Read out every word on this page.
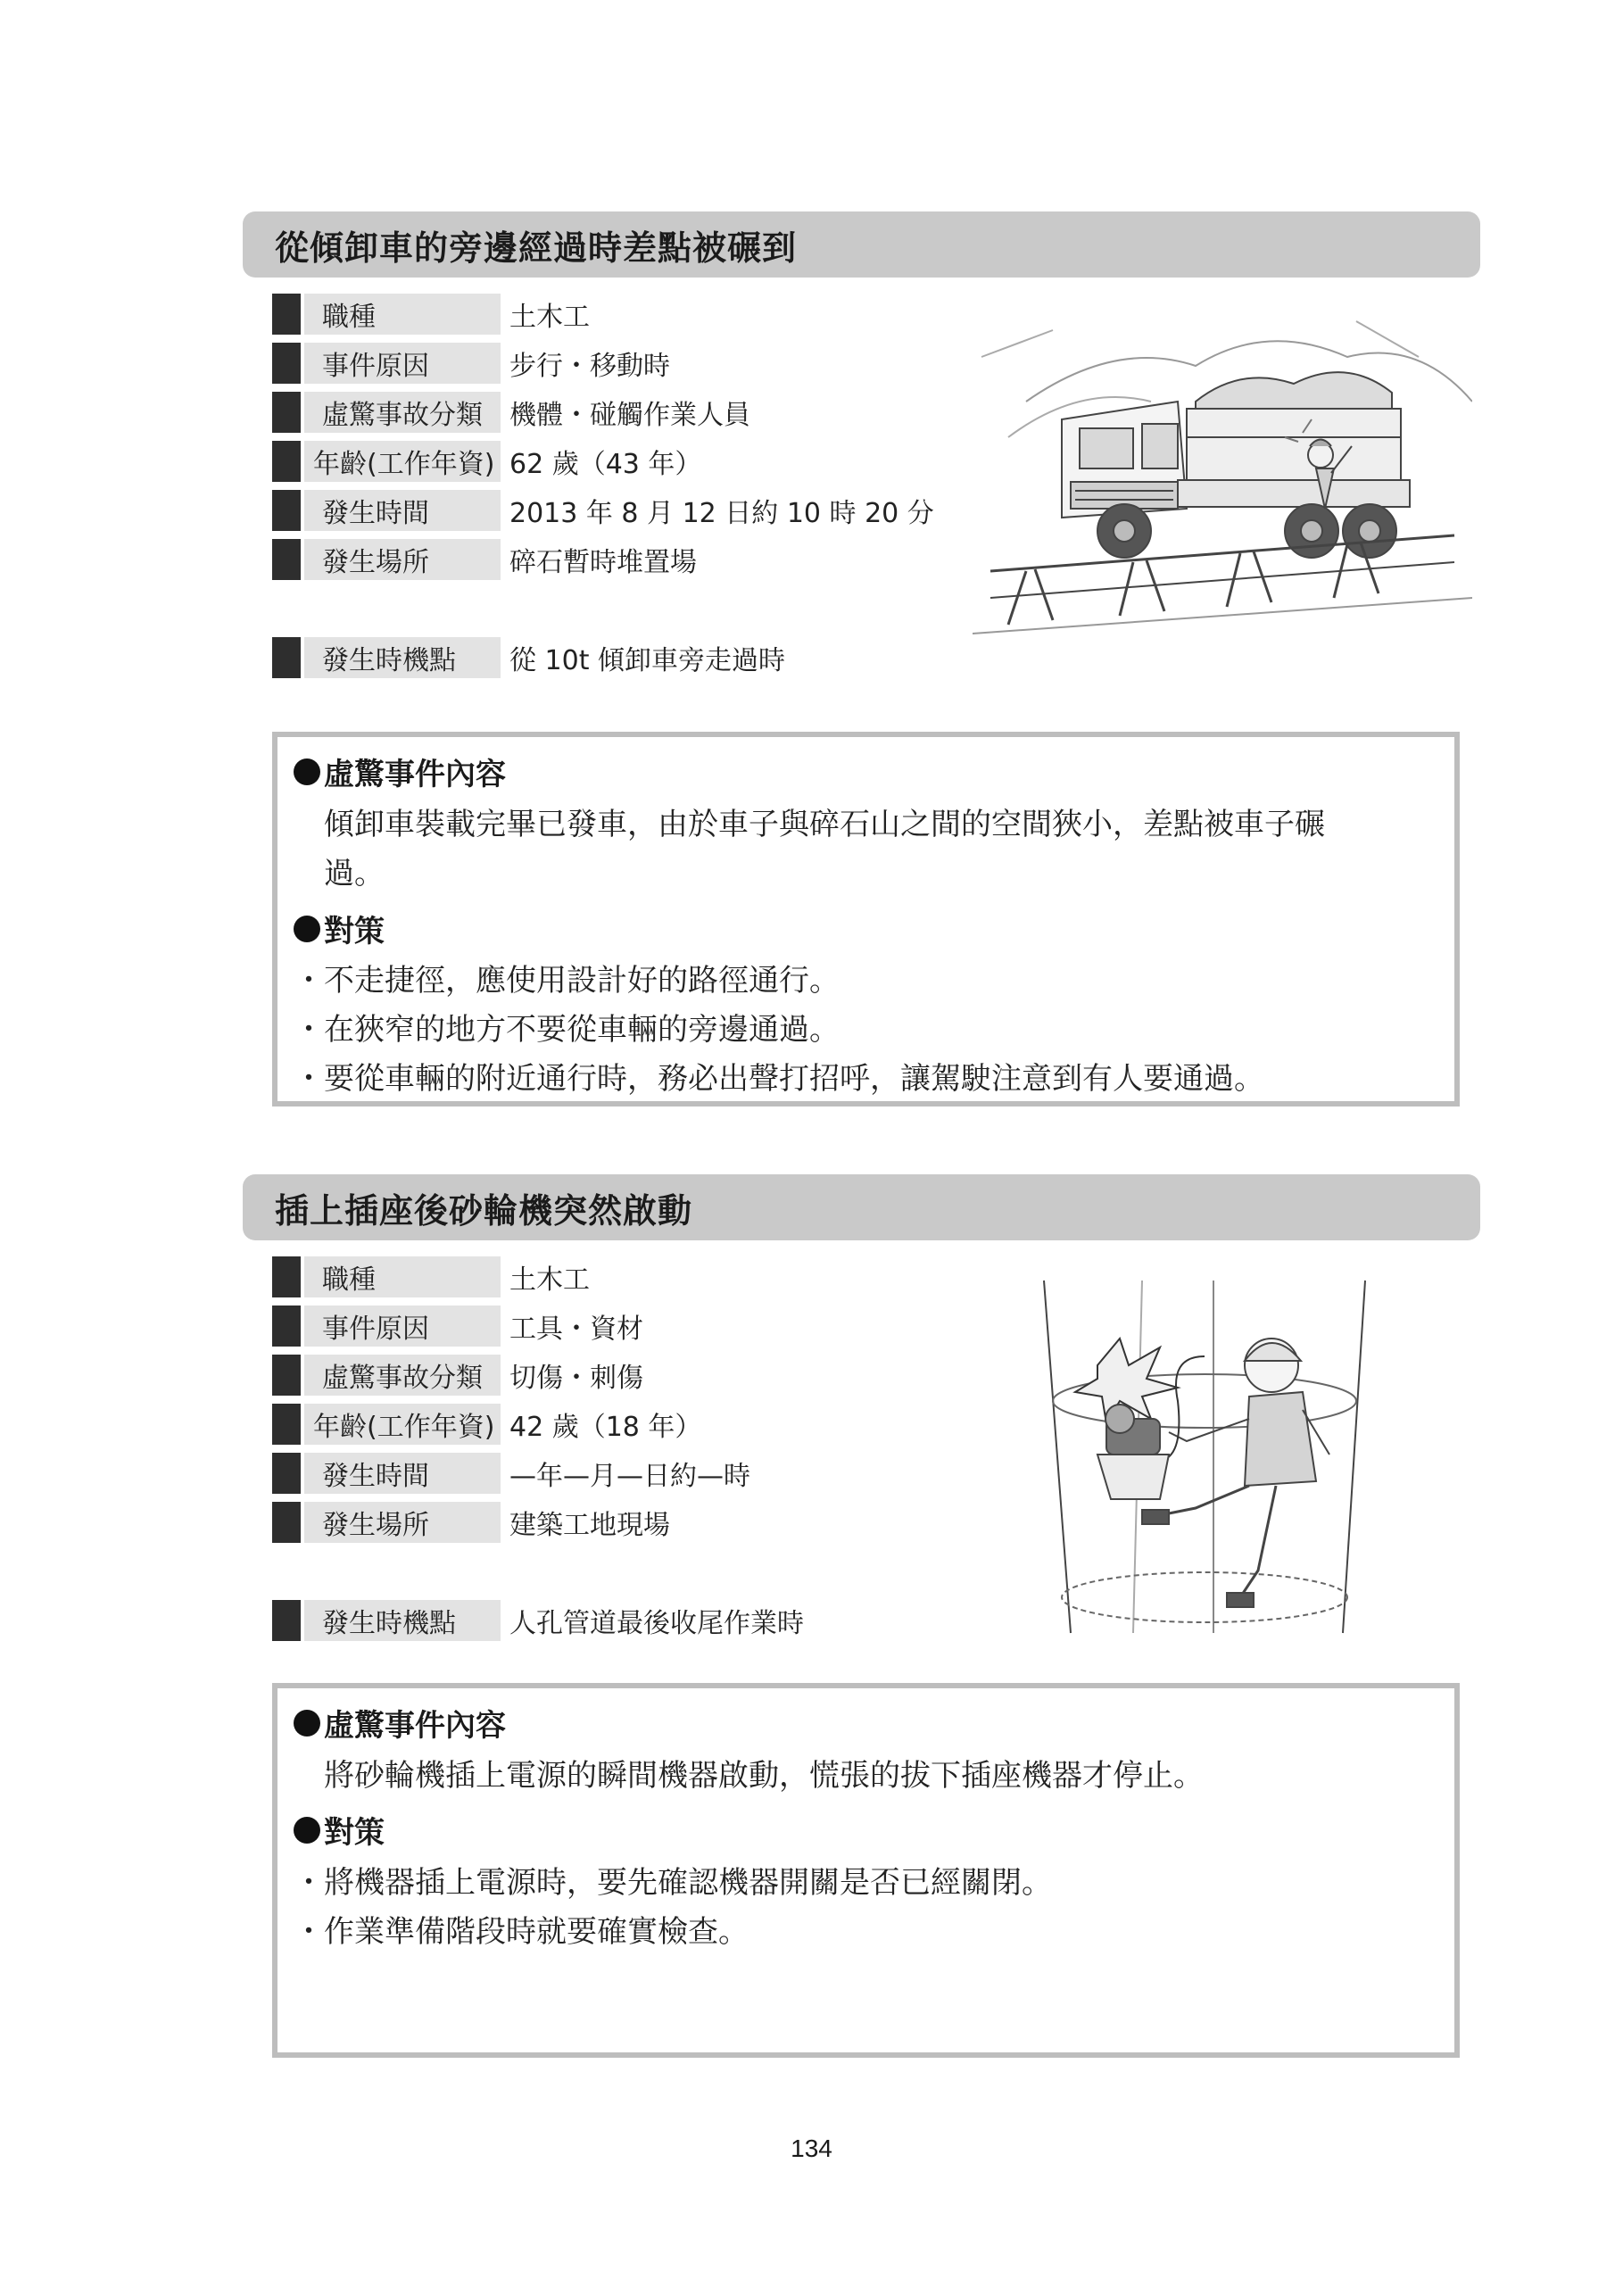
從傾卸車的旁邊經過時差點被碾到
職種	土木工
事件原因	步行・移動時
虛驚事故分類	機體・碰觸作業人員
年齡(工作年資) 62 歲（43 年）
發生時間	2013 年 8 月 12 日約 10 時 20 分
發生場所	碎石暫時堆置場
發生時機點	從 10t 傾卸車旁走過時
虛驚事件內容
傾卸車裝載完畢已發車，由於車子與碎石山之間的空間狹小，差點被車子碾
過。
對策
・不走捷徑，應使用設計好的路徑通行。
・在狹窄的地方不要從車輛的旁邊通過。
・要從車輛的附近通行時，務必出聲打招呼，讓駕駛注意到有人要通過。
插上插座後砂輪機突然啟動
職種	土木工
事件原因	工具・資材
虛驚事故分類	切傷・刺傷
年齡(工作年資) 42 歲（18 年）
發生時間	—年—月—日約—時
發生場所	建築工地現場
發生時機點	人孔管道最後收尾作業時
虛驚事件內容
將砂輪機插上電源的瞬間機器啟動，慌張的拔下插座機器才停止。
對策
・將機器插上電源時，要先確認機器開關是否已經關閉。
・作業準備階段時就要確實檢查。
134
